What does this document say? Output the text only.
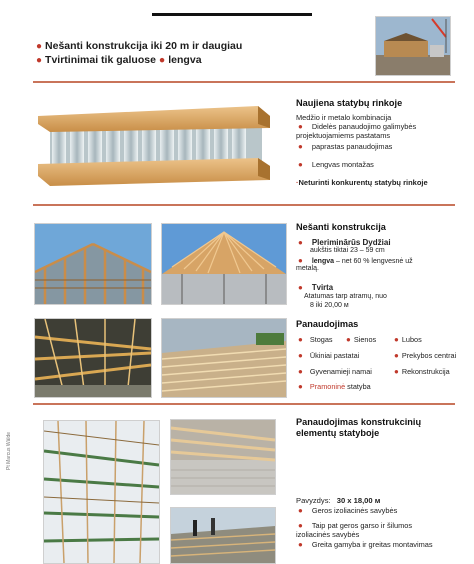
● Nešanti konstrukcija iki 20 m ir daugiau
● Tvirtinimai tik galuose ● lengva
Naujiena statybų rinkoje
Medžio ir metalo kombinacija
● Didelės panaudojimo galimybės
projektuojamiems pastatams
● paprastas panaudojimas
● Lengvas montažas
·Neturinti konkurentų statybų rinkoje
Nešanti konstrukcija
● Pleriminārūs Dydžiai
aukštis tiktai 23 – 59 cm
● lengva – net 60 % lengvesnė už
metalą.
● Tvirta
Atatumas tarp atramų, nuo
8 iki 20,00 м
Panaudojimas
● Stogas ● Sienos ● Lubos
● Ūkiniai pastatai	● Prekybos centrai
● Gyvenamieji namai	● Rekonstrukcija
● Pramoninė statyba
Panaudojimas konstrukcinių
elementų statyboje
Pavyzdys: 30 x 18,00 м
● Geros izoliacinės savybės
● Taip pat geros garso ir šilumos
izoliacinės savybės
● Greita gamyba ir greitas montavimas
Pt Marcus Wälde
